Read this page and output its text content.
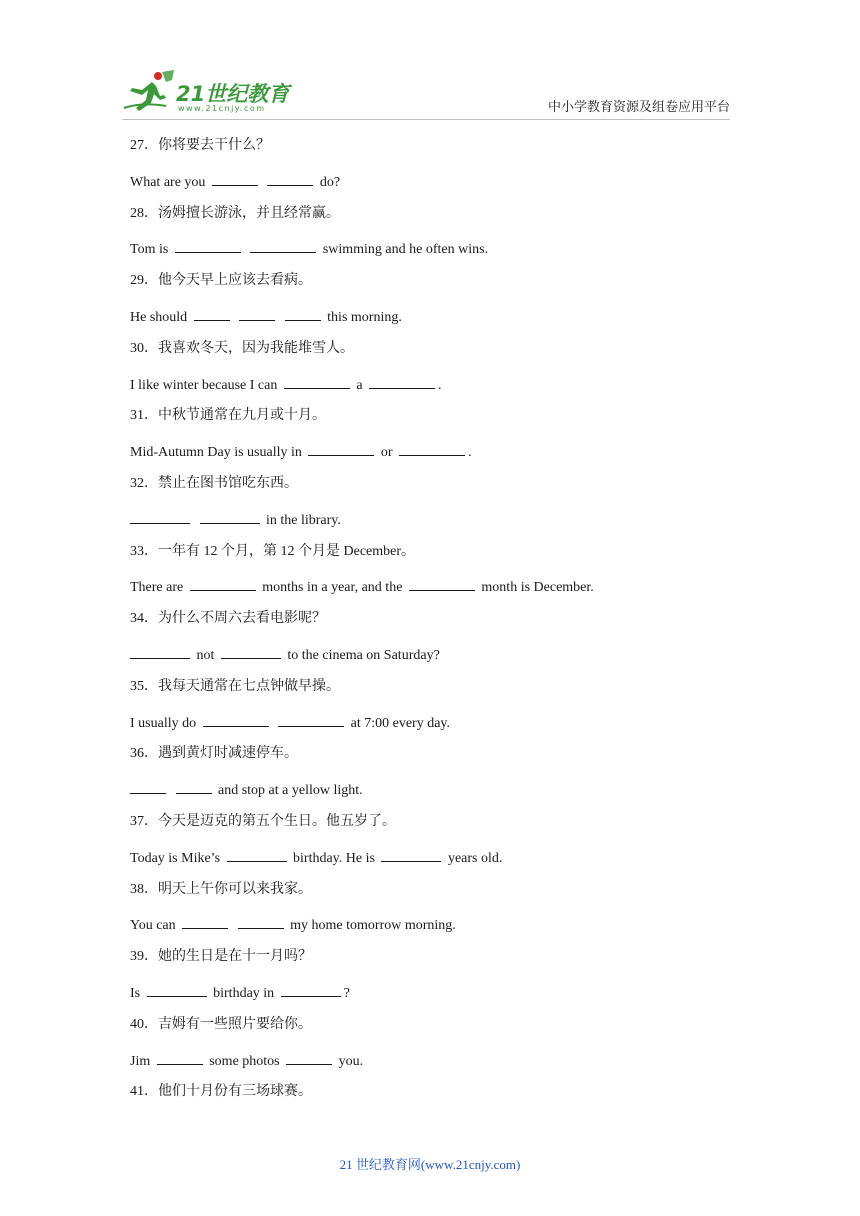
21世纪教育
www.21cnjy.com	中小学教育资源及组卷应用平台
27．你将要去干什么？
What are you	do?
28．汤姆擅长游泳，并且经常赢。
Tom is	swimming and he often wins.
29．他今天早上应该去看病。
He should	this morning.
30．我喜欢冬天，因为我能堆雪人。
I like winter because I can	a	.
31．中秋节通常在九月或十月。
Mid-Autumn Day is usually in	or	.
32．禁止在图书馆吃东西。
in the library.
33．一年有 12 个月，第 12 个月是 December。
There are	months in a year, and the	month is December.
34．为什么不周六去看电影呢？
not	to the cinema on Saturday?
35．我每天通常在七点钟做早操。
I usually do	at 7:00 every day.
36．遇到黄灯时减速停车。
and stop at a yellow light.
37．今天是迈克的第五个生日。他五岁了。
Today is Mike’s	birthday. He is	years old.
38．明天上午你可以来我家。
You can	my home tomorrow morning.
39．她的生日是在十一月吗？
Is	birthday in	?
40．吉姆有一些照片要给你。
Jim	some photos	you.
41．他们十月份有三场球赛。
21 世纪教育网(www.21cnjy.com)
